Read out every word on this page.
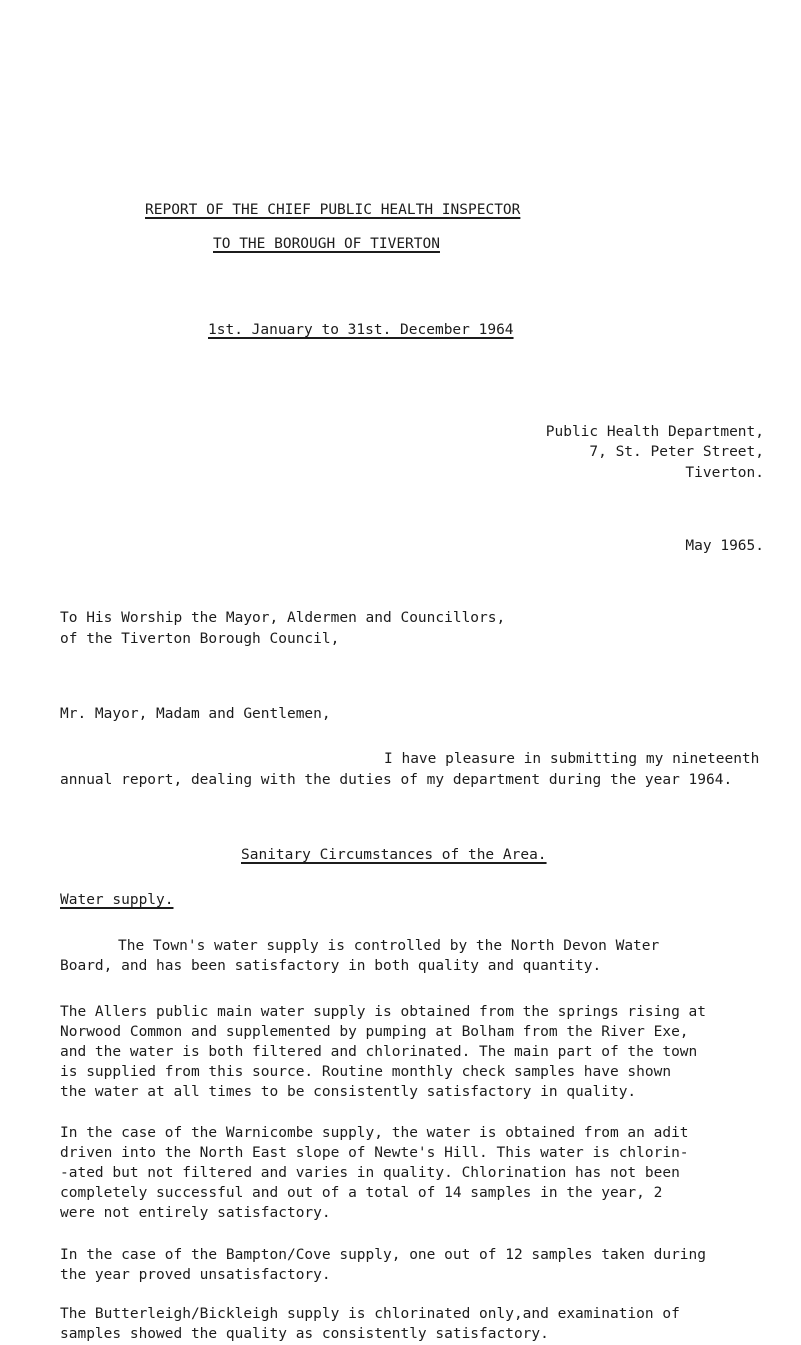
REPORT OF THE CHIEF PUBLIC HEALTH INSPECTOR

TO THE BOROUGH OF TIVERTON

1st. January to 31st. December 1964

Public Health Department,

7, St. Peter Street,

Tiverton.

May 1965.

To His Worship the Mayor, Aldermen and Councillors,

of the Tiverton Borough Council,

Mr. Mayor, Madam and Gentlemen,

I have pleasure in submitting my nineteenth

annual report, dealing with the duties of my department during the year 1964.

Sanitary Circumstances of the Area.

Water supply.

The Town's water supply is controlled by the North Devon Water
Board, and has been satisfactory in both quality and quantity.
The Allers public main water supply is obtained from the springs rising at
Norwood Common and supplemented by pumping at Bolham from the River Exe,
and the water is both filtered and chlorinated. The main part of the town
is supplied from this source. Routine monthly check samples have shown
the water at all times to be consistently satisfactory in quality.
In the case of the Warnicombe supply, the water is obtained from an adit
driven into the North East slope of Newte's Hill. This water is chlorin-
-ated but not filtered and varies in quality. Chlorination has not been
completely successful and out of a total of 14 samples in the year, 2
were not entirely satisfactory.
In the case of the Bampton/Cove supply, one out of 12 samples taken during
the year proved unsatisfactory.
The Butterleigh/Bickleigh supply is chlorinated only,and examination of
samples showed the quality as consistently satisfactory.
